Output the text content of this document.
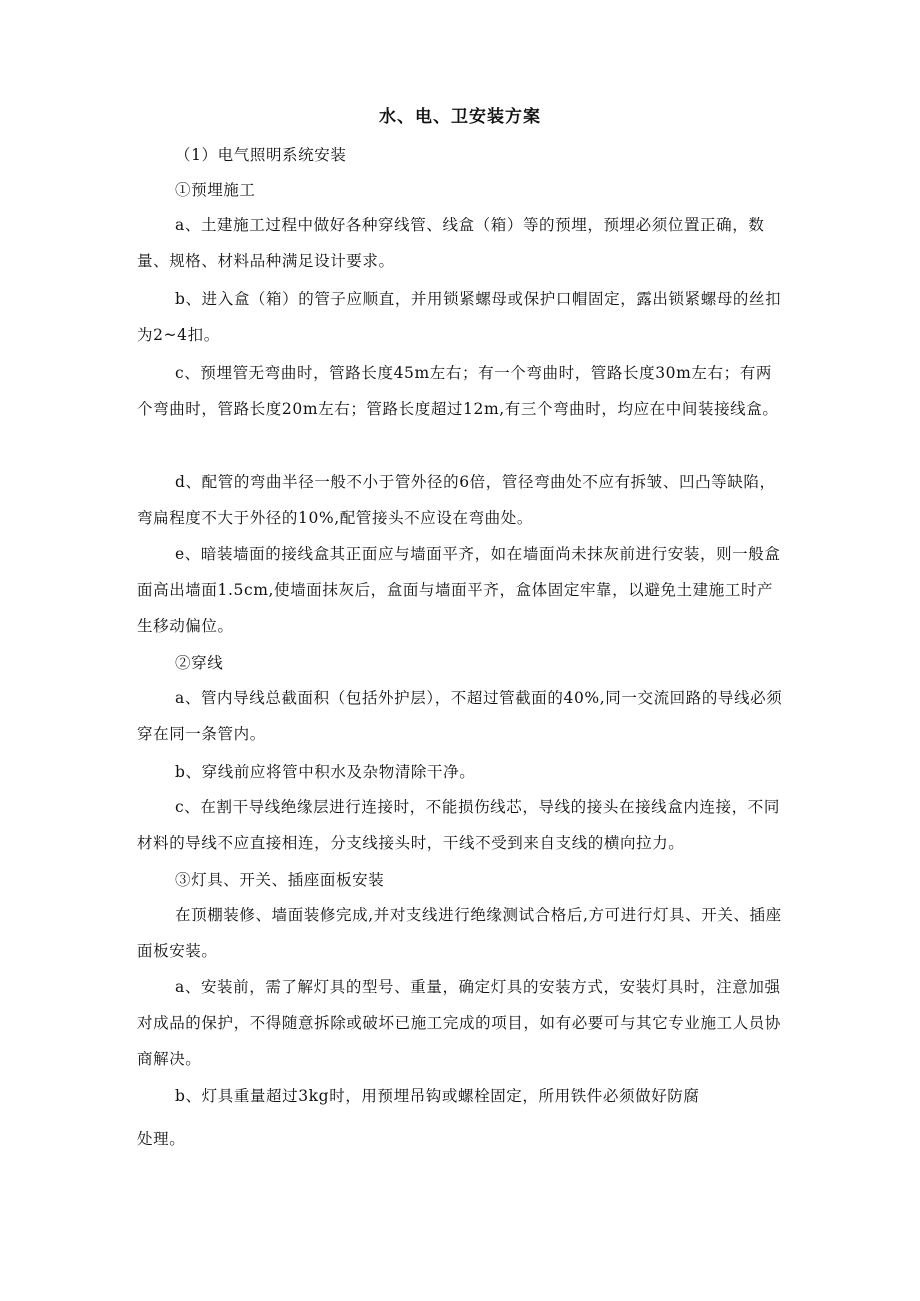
水、电、卫安装方案
（1）电气照明系统安装
①预埋施工
a、土建施工过程中做好各种穿线管、线盒（箱）等的预埋，预埋必须位置正确，数量、规格、材料品种满足设计要求。
b、进入盒（箱）的管子应顺直，并用锁紧螺母或保护口帽固定，露出锁紧螺母的丝扣为2~4扣。
c、预埋管无弯曲时，管路长度45m左右；有一个弯曲时，管路长度30m左右；有两个弯曲时，管路长度20m左右；管路长度超过12m,有三个弯曲时，均应在中间装接线盒。
d、配管的弯曲半径一般不小于管外径的6倍，管径弯曲处不应有拆皱、凹凸等缺陷，弯扁程度不大于外径的10%,配管接头不应设在弯曲处。
e、暗装墙面的接线盒其正面应与墙面平齐，如在墙面尚未抹灰前进行安装，则一般盒面高出墙面1.5cm,使墙面抹灰后，盒面与墙面平齐，盒体固定牢靠，以避免土建施工时产生移动偏位。
②穿线
a、管内导线总截面积（包括外护层），不超过管截面的40%,同一交流回路的导线必须穿在同一条管内。
b、穿线前应将管中积水及杂物清除干净。
c、在割干导线绝缘层进行连接时，不能损伤线芯，导线的接头在接线盒内连接，不同材料的导线不应直接相连，分支线接头时，干线不受到来自支线的横向拉力。
③灯具、开关、插座面板安装
在顶棚装修、墙面装修完成,并对支线进行绝缘测试合格后,方可进行灯具、开关、插座面板安装。
a、安装前，需了解灯具的型号、重量，确定灯具的安装方式，安装灯具时，注意加强对成品的保护，不得随意拆除或破坏已施工完成的项目，如有必要可与其它专业施工人员协商解决。
b、灯具重量超过3kg时，用预埋吊钩或螺栓固定，所用铁件必须做好防腐
处理。
